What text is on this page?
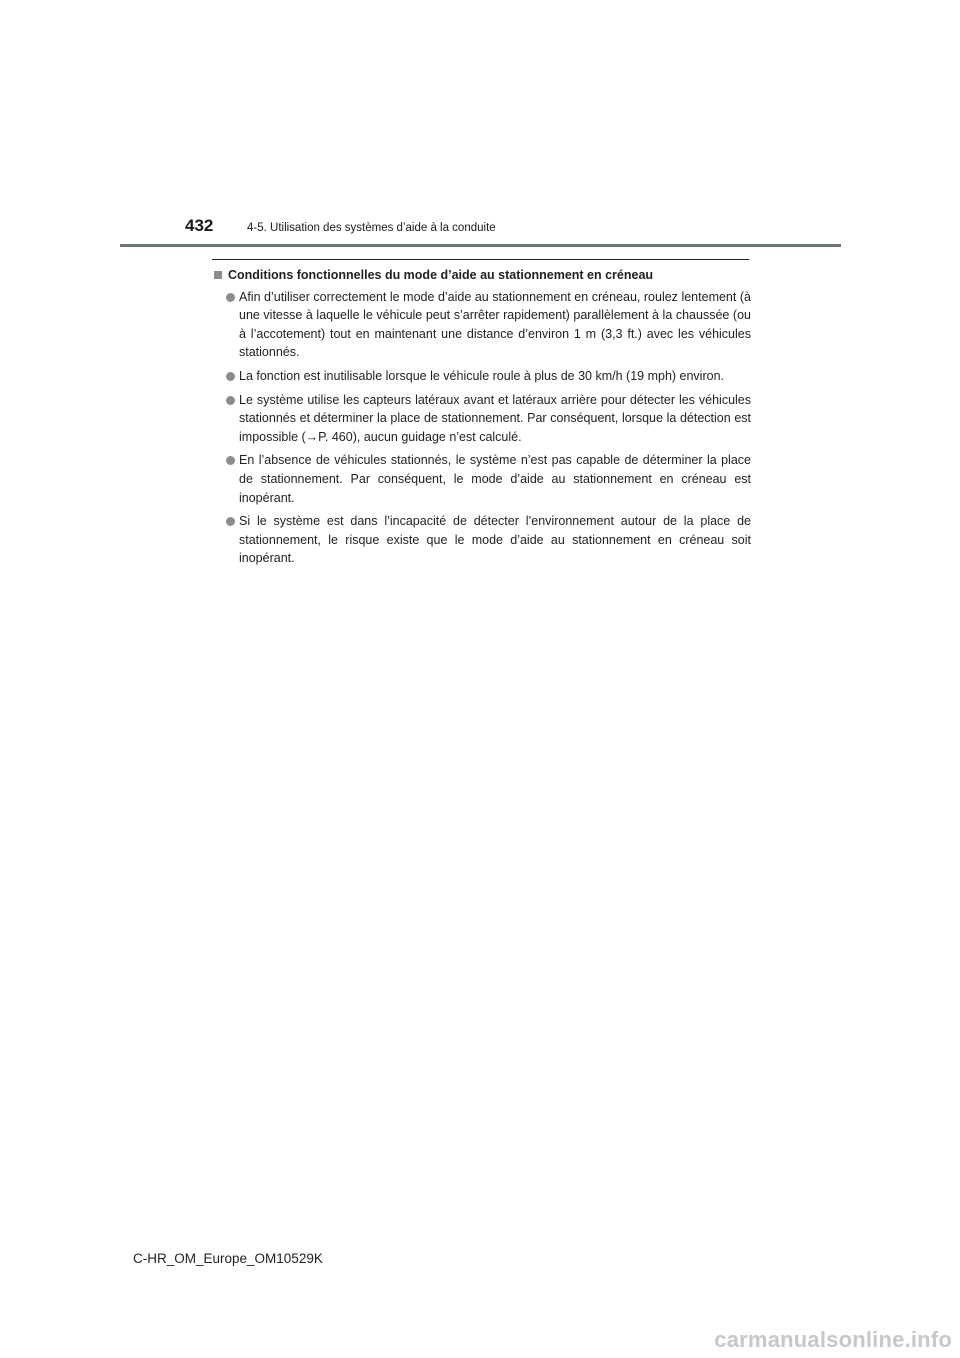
432	4-5. Utilisation des systèmes d’aide à la conduite
Conditions fonctionnelles du mode d’aide au stationnement en créneau
Afin d’utiliser correctement le mode d’aide au stationnement en créneau, roulez lentement (à une vitesse à laquelle le véhicule peut s’arrêter rapidement) parallèlement à la chaussée (ou à l’accotement) tout en maintenant une distance d’environ 1 m (3,3 ft.) avec les véhicules stationnés.
La fonction est inutilisable lorsque le véhicule roule à plus de 30 km/h (19 mph) environ.
Le système utilise les capteurs latéraux avant et latéraux arrière pour détecter les véhicules stationnés et déterminer la place de stationnement. Par conséquent, lorsque la détection est impossible (→P. 460), aucun guidage n’est calculé.
En l’absence de véhicules stationnés, le système n’est pas capable de déterminer la place de stationnement. Par conséquent, le mode d’aide au stationnement en créneau est inopérant.
Si le système est dans l’incapacité de détecter l’environnement autour de la place de stationnement, le risque existe que le mode d’aide au stationnement en créneau soit inopérant.
C-HR_OM_Europe_OM10529K
carmanualsonline.info
